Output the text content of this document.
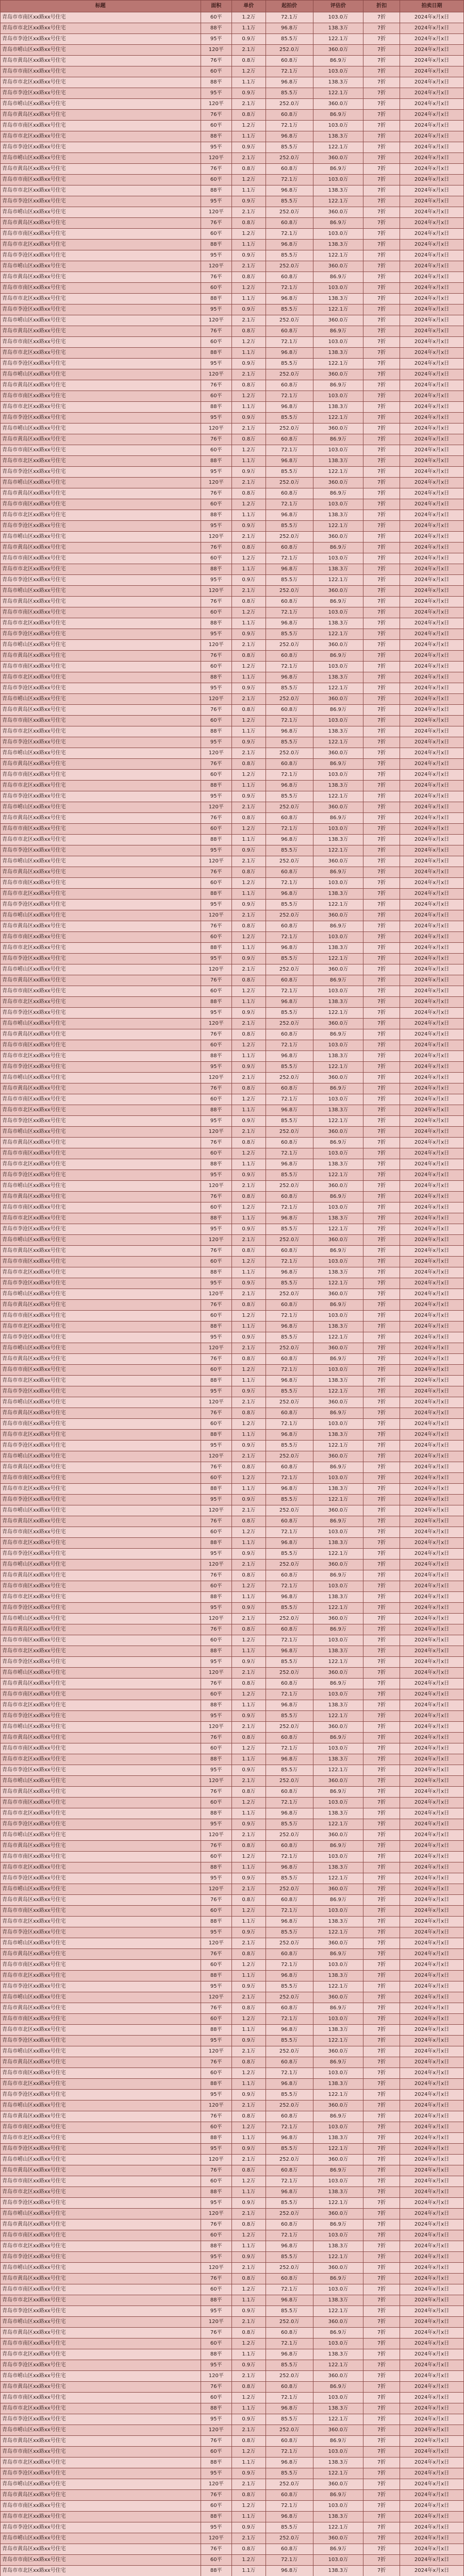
标题	面积	单价	起拍价	评估价	折扣	拍卖日期
青岛市市南区xx路xx号住宅	60平	1.2万	72.1万	103.0万	7折	2024年x月x日
青岛市市北区xx路xx号住宅	88平	1.1万	96.8万	138.3万	7折	2024年x月x日
青岛市李沧区xx路xx号住宅	95平	0.9万	85.5万	122.1万	7折	2024年x月x日
青岛市崂山区xx路xx号住宅	120平	2.1万	252.0万	360.0万	7折	2024年x月x日
青岛市黄岛区xx路xx号住宅	76平	0.8万	60.8万	86.9万	7折	2024年x月x日
青岛市市南区xx路xx号住宅	60平	1.2万	72.1万	103.0万	7折	2024年x月x日
青岛市市北区xx路xx号住宅	88平	1.1万	96.8万	138.3万	7折	2024年x月x日
青岛市李沧区xx路xx号住宅	95平	0.9万	85.5万	122.1万	7折	2024年x月x日
青岛市崂山区xx路xx号住宅	120平	2.1万	252.0万	360.0万	7折	2024年x月x日
青岛市黄岛区xx路xx号住宅	76平	0.8万	60.8万	86.9万	7折	2024年x月x日
青岛市市南区xx路xx号住宅	60平	1.2万	72.1万	103.0万	7折	2024年x月x日
青岛市市北区xx路xx号住宅	88平	1.1万	96.8万	138.3万	7折	2024年x月x日
青岛市李沧区xx路xx号住宅	95平	0.9万	85.5万	122.1万	7折	2024年x月x日
青岛市崂山区xx路xx号住宅	120平	2.1万	252.0万	360.0万	7折	2024年x月x日
青岛市黄岛区xx路xx号住宅	76平	0.8万	60.8万	86.9万	7折	2024年x月x日
青岛市市南区xx路xx号住宅	60平	1.2万	72.1万	103.0万	7折	2024年x月x日
青岛市市北区xx路xx号住宅	88平	1.1万	96.8万	138.3万	7折	2024年x月x日
青岛市李沧区xx路xx号住宅	95平	0.9万	85.5万	122.1万	7折	2024年x月x日
青岛市崂山区xx路xx号住宅	120平	2.1万	252.0万	360.0万	7折	2024年x月x日
青岛市黄岛区xx路xx号住宅	76平	0.8万	60.8万	86.9万	7折	2024年x月x日
青岛市市南区xx路xx号住宅	60平	1.2万	72.1万	103.0万	7折	2024年x月x日
青岛市市北区xx路xx号住宅	88平	1.1万	96.8万	138.3万	7折	2024年x月x日
青岛市李沧区xx路xx号住宅	95平	0.9万	85.5万	122.1万	7折	2024年x月x日
青岛市崂山区xx路xx号住宅	120平	2.1万	252.0万	360.0万	7折	2024年x月x日
青岛市黄岛区xx路xx号住宅	76平	0.8万	60.8万	86.9万	7折	2024年x月x日
青岛市市南区xx路xx号住宅	60平	1.2万	72.1万	103.0万	7折	2024年x月x日
青岛市市北区xx路xx号住宅	88平	1.1万	96.8万	138.3万	7折	2024年x月x日
青岛市李沧区xx路xx号住宅	95平	0.9万	85.5万	122.1万	7折	2024年x月x日
青岛市崂山区xx路xx号住宅	120平	2.1万	252.0万	360.0万	7折	2024年x月x日
青岛市黄岛区xx路xx号住宅	76平	0.8万	60.8万	86.9万	7折	2024年x月x日
青岛市市南区xx路xx号住宅	60平	1.2万	72.1万	103.0万	7折	2024年x月x日
青岛市市北区xx路xx号住宅	88平	1.1万	96.8万	138.3万	7折	2024年x月x日
青岛市李沧区xx路xx号住宅	95平	0.9万	85.5万	122.1万	7折	2024年x月x日
青岛市崂山区xx路xx号住宅	120平	2.1万	252.0万	360.0万	7折	2024年x月x日
青岛市黄岛区xx路xx号住宅	76平	0.8万	60.8万	86.9万	7折	2024年x月x日
青岛市市南区xx路xx号住宅	60平	1.2万	72.1万	103.0万	7折	2024年x月x日
青岛市市北区xx路xx号住宅	88平	1.1万	96.8万	138.3万	7折	2024年x月x日
青岛市李沧区xx路xx号住宅	95平	0.9万	85.5万	122.1万	7折	2024年x月x日
青岛市崂山区xx路xx号住宅	120平	2.1万	252.0万	360.0万	7折	2024年x月x日
青岛市黄岛区xx路xx号住宅	76平	0.8万	60.8万	86.9万	7折	2024年x月x日
青岛市市南区xx路xx号住宅	60平	1.2万	72.1万	103.0万	7折	2024年x月x日
青岛市市北区xx路xx号住宅	88平	1.1万	96.8万	138.3万	7折	2024年x月x日
青岛市李沧区xx路xx号住宅	95平	0.9万	85.5万	122.1万	7折	2024年x月x日
青岛市崂山区xx路xx号住宅	120平	2.1万	252.0万	360.0万	7折	2024年x月x日
青岛市黄岛区xx路xx号住宅	76平	0.8万	60.8万	86.9万	7折	2024年x月x日
青岛市市南区xx路xx号住宅	60平	1.2万	72.1万	103.0万	7折	2024年x月x日
青岛市市北区xx路xx号住宅	88平	1.1万	96.8万	138.3万	7折	2024年x月x日
青岛市李沧区xx路xx号住宅	95平	0.9万	85.5万	122.1万	7折	2024年x月x日
青岛市崂山区xx路xx号住宅	120平	2.1万	252.0万	360.0万	7折	2024年x月x日
青岛市黄岛区xx路xx号住宅	76平	0.8万	60.8万	86.9万	7折	2024年x月x日
青岛市市南区xx路xx号住宅	60平	1.2万	72.1万	103.0万	7折	2024年x月x日
青岛市市北区xx路xx号住宅	88平	1.1万	96.8万	138.3万	7折	2024年x月x日
青岛市李沧区xx路xx号住宅	95平	0.9万	85.5万	122.1万	7折	2024年x月x日
青岛市崂山区xx路xx号住宅	120平	2.1万	252.0万	360.0万	7折	2024年x月x日
青岛市黄岛区xx路xx号住宅	76平	0.8万	60.8万	86.9万	7折	2024年x月x日
青岛市市南区xx路xx号住宅	60平	1.2万	72.1万	103.0万	7折	2024年x月x日
青岛市市北区xx路xx号住宅	88平	1.1万	96.8万	138.3万	7折	2024年x月x日
青岛市李沧区xx路xx号住宅	95平	0.9万	85.5万	122.1万	7折	2024年x月x日
青岛市崂山区xx路xx号住宅	120平	2.1万	252.0万	360.0万	7折	2024年x月x日
青岛市黄岛区xx路xx号住宅	76平	0.8万	60.8万	86.9万	7折	2024年x月x日
青岛市市南区xx路xx号住宅	60平	1.2万	72.1万	103.0万	7折	2024年x月x日
青岛市市北区xx路xx号住宅	88平	1.1万	96.8万	138.3万	7折	2024年x月x日
青岛市李沧区xx路xx号住宅	95平	0.9万	85.5万	122.1万	7折	2024年x月x日
青岛市崂山区xx路xx号住宅	120平	2.1万	252.0万	360.0万	7折	2024年x月x日
青岛市黄岛区xx路xx号住宅	76平	0.8万	60.8万	86.9万	7折	2024年x月x日
青岛市市南区xx路xx号住宅	60平	1.2万	72.1万	103.0万	7折	2024年x月x日
青岛市市北区xx路xx号住宅	88平	1.1万	96.8万	138.3万	7折	2024年x月x日
青岛市李沧区xx路xx号住宅	95平	0.9万	85.5万	122.1万	7折	2024年x月x日
青岛市崂山区xx路xx号住宅	120平	2.1万	252.0万	360.0万	7折	2024年x月x日
青岛市黄岛区xx路xx号住宅	76平	0.8万	60.8万	86.9万	7折	2024年x月x日
青岛市市南区xx路xx号住宅	60平	1.2万	72.1万	103.0万	7折	2024年x月x日
青岛市市北区xx路xx号住宅	88平	1.1万	96.8万	138.3万	7折	2024年x月x日
青岛市李沧区xx路xx号住宅	95平	0.9万	85.5万	122.1万	7折	2024年x月x日
青岛市崂山区xx路xx号住宅	120平	2.1万	252.0万	360.0万	7折	2024年x月x日
青岛市黄岛区xx路xx号住宅	76平	0.8万	60.8万	86.9万	7折	2024年x月x日
青岛市市南区xx路xx号住宅	60平	1.2万	72.1万	103.0万	7折	2024年x月x日
青岛市市北区xx路xx号住宅	88平	1.1万	96.8万	138.3万	7折	2024年x月x日
青岛市李沧区xx路xx号住宅	95平	0.9万	85.5万	122.1万	7折	2024年x月x日
青岛市崂山区xx路xx号住宅	120平	2.1万	252.0万	360.0万	7折	2024年x月x日
青岛市黄岛区xx路xx号住宅	76平	0.8万	60.8万	86.9万	7折	2024年x月x日
青岛市市南区xx路xx号住宅	60平	1.2万	72.1万	103.0万	7折	2024年x月x日
青岛市市北区xx路xx号住宅	88平	1.1万	96.8万	138.3万	7折	2024年x月x日
青岛市李沧区xx路xx号住宅	95平	0.9万	85.5万	122.1万	7折	2024年x月x日
青岛市崂山区xx路xx号住宅	120平	2.1万	252.0万	360.0万	7折	2024年x月x日
青岛市黄岛区xx路xx号住宅	76平	0.8万	60.8万	86.9万	7折	2024年x月x日
青岛市市南区xx路xx号住宅	60平	1.2万	72.1万	103.0万	7折	2024年x月x日
青岛市市北区xx路xx号住宅	88平	1.1万	96.8万	138.3万	7折	2024年x月x日
青岛市李沧区xx路xx号住宅	95平	0.9万	85.5万	122.1万	7折	2024年x月x日
青岛市崂山区xx路xx号住宅	120平	2.1万	252.0万	360.0万	7折	2024年x月x日
青岛市黄岛区xx路xx号住宅	76平	0.8万	60.8万	86.9万	7折	2024年x月x日
青岛市市南区xx路xx号住宅	60平	1.2万	72.1万	103.0万	7折	2024年x月x日
青岛市市北区xx路xx号住宅	88平	1.1万	96.8万	138.3万	7折	2024年x月x日
青岛市李沧区xx路xx号住宅	95平	0.9万	85.5万	122.1万	7折	2024年x月x日
青岛市崂山区xx路xx号住宅	120平	2.1万	252.0万	360.0万	7折	2024年x月x日
青岛市黄岛区xx路xx号住宅	76平	0.8万	60.8万	86.9万	7折	2024年x月x日
青岛市市南区xx路xx号住宅	60平	1.2万	72.1万	103.0万	7折	2024年x月x日
青岛市市北区xx路xx号住宅	88平	1.1万	96.8万	138.3万	7折	2024年x月x日
青岛市李沧区xx路xx号住宅	95平	0.9万	85.5万	122.1万	7折	2024年x月x日
青岛市崂山区xx路xx号住宅	120平	2.1万	252.0万	360.0万	7折	2024年x月x日
青岛市黄岛区xx路xx号住宅	76平	0.8万	60.8万	86.9万	7折	2024年x月x日
青岛市市南区xx路xx号住宅	60平	1.2万	72.1万	103.0万	7折	2024年x月x日
青岛市市北区xx路xx号住宅	88平	1.1万	96.8万	138.3万	7折	2024年x月x日
青岛市李沧区xx路xx号住宅	95平	0.9万	85.5万	122.1万	7折	2024年x月x日
青岛市崂山区xx路xx号住宅	120平	2.1万	252.0万	360.0万	7折	2024年x月x日
青岛市黄岛区xx路xx号住宅	76平	0.8万	60.8万	86.9万	7折	2024年x月x日
青岛市市南区xx路xx号住宅	60平	1.2万	72.1万	103.0万	7折	2024年x月x日
青岛市市北区xx路xx号住宅	88平	1.1万	96.8万	138.3万	7折	2024年x月x日
青岛市李沧区xx路xx号住宅	95平	0.9万	85.5万	122.1万	7折	2024年x月x日
青岛市崂山区xx路xx号住宅	120平	2.1万	252.0万	360.0万	7折	2024年x月x日
青岛市黄岛区xx路xx号住宅	76平	0.8万	60.8万	86.9万	7折	2024年x月x日
青岛市市南区xx路xx号住宅	60平	1.2万	72.1万	103.0万	7折	2024年x月x日
青岛市市北区xx路xx号住宅	88平	1.1万	96.8万	138.3万	7折	2024年x月x日
青岛市李沧区xx路xx号住宅	95平	0.9万	85.5万	122.1万	7折	2024年x月x日
青岛市崂山区xx路xx号住宅	120平	2.1万	252.0万	360.0万	7折	2024年x月x日
青岛市黄岛区xx路xx号住宅	76平	0.8万	60.8万	86.9万	7折	2024年x月x日
青岛市市南区xx路xx号住宅	60平	1.2万	72.1万	103.0万	7折	2024年x月x日
青岛市市北区xx路xx号住宅	88平	1.1万	96.8万	138.3万	7折	2024年x月x日
青岛市李沧区xx路xx号住宅	95平	0.9万	85.5万	122.1万	7折	2024年x月x日
青岛市崂山区xx路xx号住宅	120平	2.1万	252.0万	360.0万	7折	2024年x月x日
青岛市黄岛区xx路xx号住宅	76平	0.8万	60.8万	86.9万	7折	2024年x月x日
青岛市市南区xx路xx号住宅	60平	1.2万	72.1万	103.0万	7折	2024年x月x日
青岛市市北区xx路xx号住宅	88平	1.1万	96.8万	138.3万	7折	2024年x月x日
青岛市李沧区xx路xx号住宅	95平	0.9万	85.5万	122.1万	7折	2024年x月x日
青岛市崂山区xx路xx号住宅	120平	2.1万	252.0万	360.0万	7折	2024年x月x日
青岛市黄岛区xx路xx号住宅	76平	0.8万	60.8万	86.9万	7折	2024年x月x日
青岛市市南区xx路xx号住宅	60平	1.2万	72.1万	103.0万	7折	2024年x月x日
青岛市市北区xx路xx号住宅	88平	1.1万	96.8万	138.3万	7折	2024年x月x日
青岛市李沧区xx路xx号住宅	95平	0.9万	85.5万	122.1万	7折	2024年x月x日
青岛市崂山区xx路xx号住宅	120平	2.1万	252.0万	360.0万	7折	2024年x月x日
青岛市黄岛区xx路xx号住宅	76平	0.8万	60.8万	86.9万	7折	2024年x月x日
青岛市市南区xx路xx号住宅	60平	1.2万	72.1万	103.0万	7折	2024年x月x日
青岛市市北区xx路xx号住宅	88平	1.1万	96.8万	138.3万	7折	2024年x月x日
青岛市李沧区xx路xx号住宅	95平	0.9万	85.5万	122.1万	7折	2024年x月x日
青岛市崂山区xx路xx号住宅	120平	2.1万	252.0万	360.0万	7折	2024年x月x日
青岛市黄岛区xx路xx号住宅	76平	0.8万	60.8万	86.9万	7折	2024年x月x日
青岛市市南区xx路xx号住宅	60平	1.2万	72.1万	103.0万	7折	2024年x月x日
青岛市市北区xx路xx号住宅	88平	1.1万	96.8万	138.3万	7折	2024年x月x日
青岛市李沧区xx路xx号住宅	95平	0.9万	85.5万	122.1万	7折	2024年x月x日
青岛市崂山区xx路xx号住宅	120平	2.1万	252.0万	360.0万	7折	2024年x月x日
青岛市黄岛区xx路xx号住宅	76平	0.8万	60.8万	86.9万	7折	2024年x月x日
青岛市市南区xx路xx号住宅	60平	1.2万	72.1万	103.0万	7折	2024年x月x日
青岛市市北区xx路xx号住宅	88平	1.1万	96.8万	138.3万	7折	2024年x月x日
青岛市李沧区xx路xx号住宅	95平	0.9万	85.5万	122.1万	7折	2024年x月x日
青岛市崂山区xx路xx号住宅	120平	2.1万	252.0万	360.0万	7折	2024年x月x日
青岛市黄岛区xx路xx号住宅	76平	0.8万	60.8万	86.9万	7折	2024年x月x日
青岛市市南区xx路xx号住宅	60平	1.2万	72.1万	103.0万	7折	2024年x月x日
青岛市市北区xx路xx号住宅	88平	1.1万	96.8万	138.3万	7折	2024年x月x日
青岛市李沧区xx路xx号住宅	95平	0.9万	85.5万	122.1万	7折	2024年x月x日
青岛市崂山区xx路xx号住宅	120平	2.1万	252.0万	360.0万	7折	2024年x月x日
青岛市黄岛区xx路xx号住宅	76平	0.8万	60.8万	86.9万	7折	2024年x月x日
青岛市市南区xx路xx号住宅	60平	1.2万	72.1万	103.0万	7折	2024年x月x日
青岛市市北区xx路xx号住宅	88平	1.1万	96.8万	138.3万	7折	2024年x月x日
青岛市李沧区xx路xx号住宅	95平	0.9万	85.5万	122.1万	7折	2024年x月x日
青岛市崂山区xx路xx号住宅	120平	2.1万	252.0万	360.0万	7折	2024年x月x日
青岛市黄岛区xx路xx号住宅	76平	0.8万	60.8万	86.9万	7折	2024年x月x日
青岛市市南区xx路xx号住宅	60平	1.2万	72.1万	103.0万	7折	2024年x月x日
青岛市市北区xx路xx号住宅	88平	1.1万	96.8万	138.3万	7折	2024年x月x日
青岛市李沧区xx路xx号住宅	95平	0.9万	85.5万	122.1万	7折	2024年x月x日
青岛市崂山区xx路xx号住宅	120平	2.1万	252.0万	360.0万	7折	2024年x月x日
青岛市黄岛区xx路xx号住宅	76平	0.8万	60.8万	86.9万	7折	2024年x月x日
青岛市市南区xx路xx号住宅	60平	1.2万	72.1万	103.0万	7折	2024年x月x日
青岛市市北区xx路xx号住宅	88平	1.1万	96.8万	138.3万	7折	2024年x月x日
青岛市李沧区xx路xx号住宅	95平	0.9万	85.5万	122.1万	7折	2024年x月x日
青岛市崂山区xx路xx号住宅	120平	2.1万	252.0万	360.0万	7折	2024年x月x日
青岛市黄岛区xx路xx号住宅	76平	0.8万	60.8万	86.9万	7折	2024年x月x日
青岛市市南区xx路xx号住宅	60平	1.2万	72.1万	103.0万	7折	2024年x月x日
青岛市市北区xx路xx号住宅	88平	1.1万	96.8万	138.3万	7折	2024年x月x日
青岛市李沧区xx路xx号住宅	95平	0.9万	85.5万	122.1万	7折	2024年x月x日
青岛市崂山区xx路xx号住宅	120平	2.1万	252.0万	360.0万	7折	2024年x月x日
青岛市黄岛区xx路xx号住宅	76平	0.8万	60.8万	86.9万	7折	2024年x月x日
青岛市市南区xx路xx号住宅	60平	1.2万	72.1万	103.0万	7折	2024年x月x日
青岛市市北区xx路xx号住宅	88平	1.1万	96.8万	138.3万	7折	2024年x月x日
青岛市李沧区xx路xx号住宅	95平	0.9万	85.5万	122.1万	7折	2024年x月x日
青岛市崂山区xx路xx号住宅	120平	2.1万	252.0万	360.0万	7折	2024年x月x日
青岛市黄岛区xx路xx号住宅	76平	0.8万	60.8万	86.9万	7折	2024年x月x日
青岛市市南区xx路xx号住宅	60平	1.2万	72.1万	103.0万	7折	2024年x月x日
青岛市市北区xx路xx号住宅	88平	1.1万	96.8万	138.3万	7折	2024年x月x日
青岛市李沧区xx路xx号住宅	95平	0.9万	85.5万	122.1万	7折	2024年x月x日
青岛市崂山区xx路xx号住宅	120平	2.1万	252.0万	360.0万	7折	2024年x月x日
青岛市黄岛区xx路xx号住宅	76平	0.8万	60.8万	86.9万	7折	2024年x月x日
青岛市市南区xx路xx号住宅	60平	1.2万	72.1万	103.0万	7折	2024年x月x日
青岛市市北区xx路xx号住宅	88平	1.1万	96.8万	138.3万	7折	2024年x月x日
青岛市李沧区xx路xx号住宅	95平	0.9万	85.5万	122.1万	7折	2024年x月x日
青岛市崂山区xx路xx号住宅	120平	2.1万	252.0万	360.0万	7折	2024年x月x日
青岛市黄岛区xx路xx号住宅	76平	0.8万	60.8万	86.9万	7折	2024年x月x日
青岛市市南区xx路xx号住宅	60平	1.2万	72.1万	103.0万	7折	2024年x月x日
青岛市市北区xx路xx号住宅	88平	1.1万	96.8万	138.3万	7折	2024年x月x日
青岛市李沧区xx路xx号住宅	95平	0.9万	85.5万	122.1万	7折	2024年x月x日
青岛市崂山区xx路xx号住宅	120平	2.1万	252.0万	360.0万	7折	2024年x月x日
青岛市黄岛区xx路xx号住宅	76平	0.8万	60.8万	86.9万	7折	2024年x月x日
青岛市市南区xx路xx号住宅	60平	1.2万	72.1万	103.0万	7折	2024年x月x日
青岛市市北区xx路xx号住宅	88平	1.1万	96.8万	138.3万	7折	2024年x月x日
青岛市李沧区xx路xx号住宅	95平	0.9万	85.5万	122.1万	7折	2024年x月x日
青岛市崂山区xx路xx号住宅	120平	2.1万	252.0万	360.0万	7折	2024年x月x日
青岛市黄岛区xx路xx号住宅	76平	0.8万	60.8万	86.9万	7折	2024年x月x日
青岛市市南区xx路xx号住宅	60平	1.2万	72.1万	103.0万	7折	2024年x月x日
青岛市市北区xx路xx号住宅	88平	1.1万	96.8万	138.3万	7折	2024年x月x日
青岛市李沧区xx路xx号住宅	95平	0.9万	85.5万	122.1万	7折	2024年x月x日
青岛市崂山区xx路xx号住宅	120平	2.1万	252.0万	360.0万	7折	2024年x月x日
青岛市黄岛区xx路xx号住宅	76平	0.8万	60.8万	86.9万	7折	2024年x月x日
青岛市市南区xx路xx号住宅	60平	1.2万	72.1万	103.0万	7折	2024年x月x日
青岛市市北区xx路xx号住宅	88平	1.1万	96.8万	138.3万	7折	2024年x月x日
青岛市李沧区xx路xx号住宅	95平	0.9万	85.5万	122.1万	7折	2024年x月x日
青岛市崂山区xx路xx号住宅	120平	2.1万	252.0万	360.0万	7折	2024年x月x日
青岛市黄岛区xx路xx号住宅	76平	0.8万	60.8万	86.9万	7折	2024年x月x日
青岛市市南区xx路xx号住宅	60平	1.2万	72.1万	103.0万	7折	2024年x月x日
青岛市市北区xx路xx号住宅	88平	1.1万	96.8万	138.3万	7折	2024年x月x日
青岛市李沧区xx路xx号住宅	95平	0.9万	85.5万	122.1万	7折	2024年x月x日
青岛市崂山区xx路xx号住宅	120平	2.1万	252.0万	360.0万	7折	2024年x月x日
青岛市黄岛区xx路xx号住宅	76平	0.8万	60.8万	86.9万	7折	2024年x月x日
青岛市市南区xx路xx号住宅	60平	1.2万	72.1万	103.0万	7折	2024年x月x日
青岛市市北区xx路xx号住宅	88平	1.1万	96.8万	138.3万	7折	2024年x月x日
青岛市李沧区xx路xx号住宅	95平	0.9万	85.5万	122.1万	7折	2024年x月x日
青岛市崂山区xx路xx号住宅	120平	2.1万	252.0万	360.0万	7折	2024年x月x日
青岛市黄岛区xx路xx号住宅	76平	0.8万	60.8万	86.9万	7折	2024年x月x日
青岛市市南区xx路xx号住宅	60平	1.2万	72.1万	103.0万	7折	2024年x月x日
青岛市市北区xx路xx号住宅	88平	1.1万	96.8万	138.3万	7折	2024年x月x日
青岛市李沧区xx路xx号住宅	95平	0.9万	85.5万	122.1万	7折	2024年x月x日
青岛市崂山区xx路xx号住宅	120平	2.1万	252.0万	360.0万	7折	2024年x月x日
青岛市黄岛区xx路xx号住宅	76平	0.8万	60.8万	86.9万	7折	2024年x月x日
青岛市市南区xx路xx号住宅	60平	1.2万	72.1万	103.0万	7折	2024年x月x日
青岛市市北区xx路xx号住宅	88平	1.1万	96.8万	138.3万	7折	2024年x月x日
青岛市李沧区xx路xx号住宅	95平	0.9万	85.5万	122.1万	7折	2024年x月x日
青岛市崂山区xx路xx号住宅	120平	2.1万	252.0万	360.0万	7折	2024年x月x日
青岛市黄岛区xx路xx号住宅	76平	0.8万	60.8万	86.9万	7折	2024年x月x日
青岛市市南区xx路xx号住宅	60平	1.2万	72.1万	103.0万	7折	2024年x月x日
青岛市市北区xx路xx号住宅	88平	1.1万	96.8万	138.3万	7折	2024年x月x日
青岛市李沧区xx路xx号住宅	95平	0.9万	85.5万	122.1万	7折	2024年x月x日
青岛市崂山区xx路xx号住宅	120平	2.1万	252.0万	360.0万	7折	2024年x月x日
青岛市黄岛区xx路xx号住宅	76平	0.8万	60.8万	86.9万	7折	2024年x月x日
青岛市市南区xx路xx号住宅	60平	1.2万	72.1万	103.0万	7折	2024年x月x日
青岛市市北区xx路xx号住宅	88平	1.1万	96.8万	138.3万	7折	2024年x月x日
青岛市李沧区xx路xx号住宅	95平	0.9万	85.5万	122.1万	7折	2024年x月x日
青岛市崂山区xx路xx号住宅	120平	2.1万	252.0万	360.0万	7折	2024年x月x日
青岛市黄岛区xx路xx号住宅	76平	0.8万	60.8万	86.9万	7折	2024年x月x日
青岛市市南区xx路xx号住宅	60平	1.2万	72.1万	103.0万	7折	2024年x月x日
青岛市市北区xx路xx号住宅	88平	1.1万	96.8万	138.3万	7折	2024年x月x日
